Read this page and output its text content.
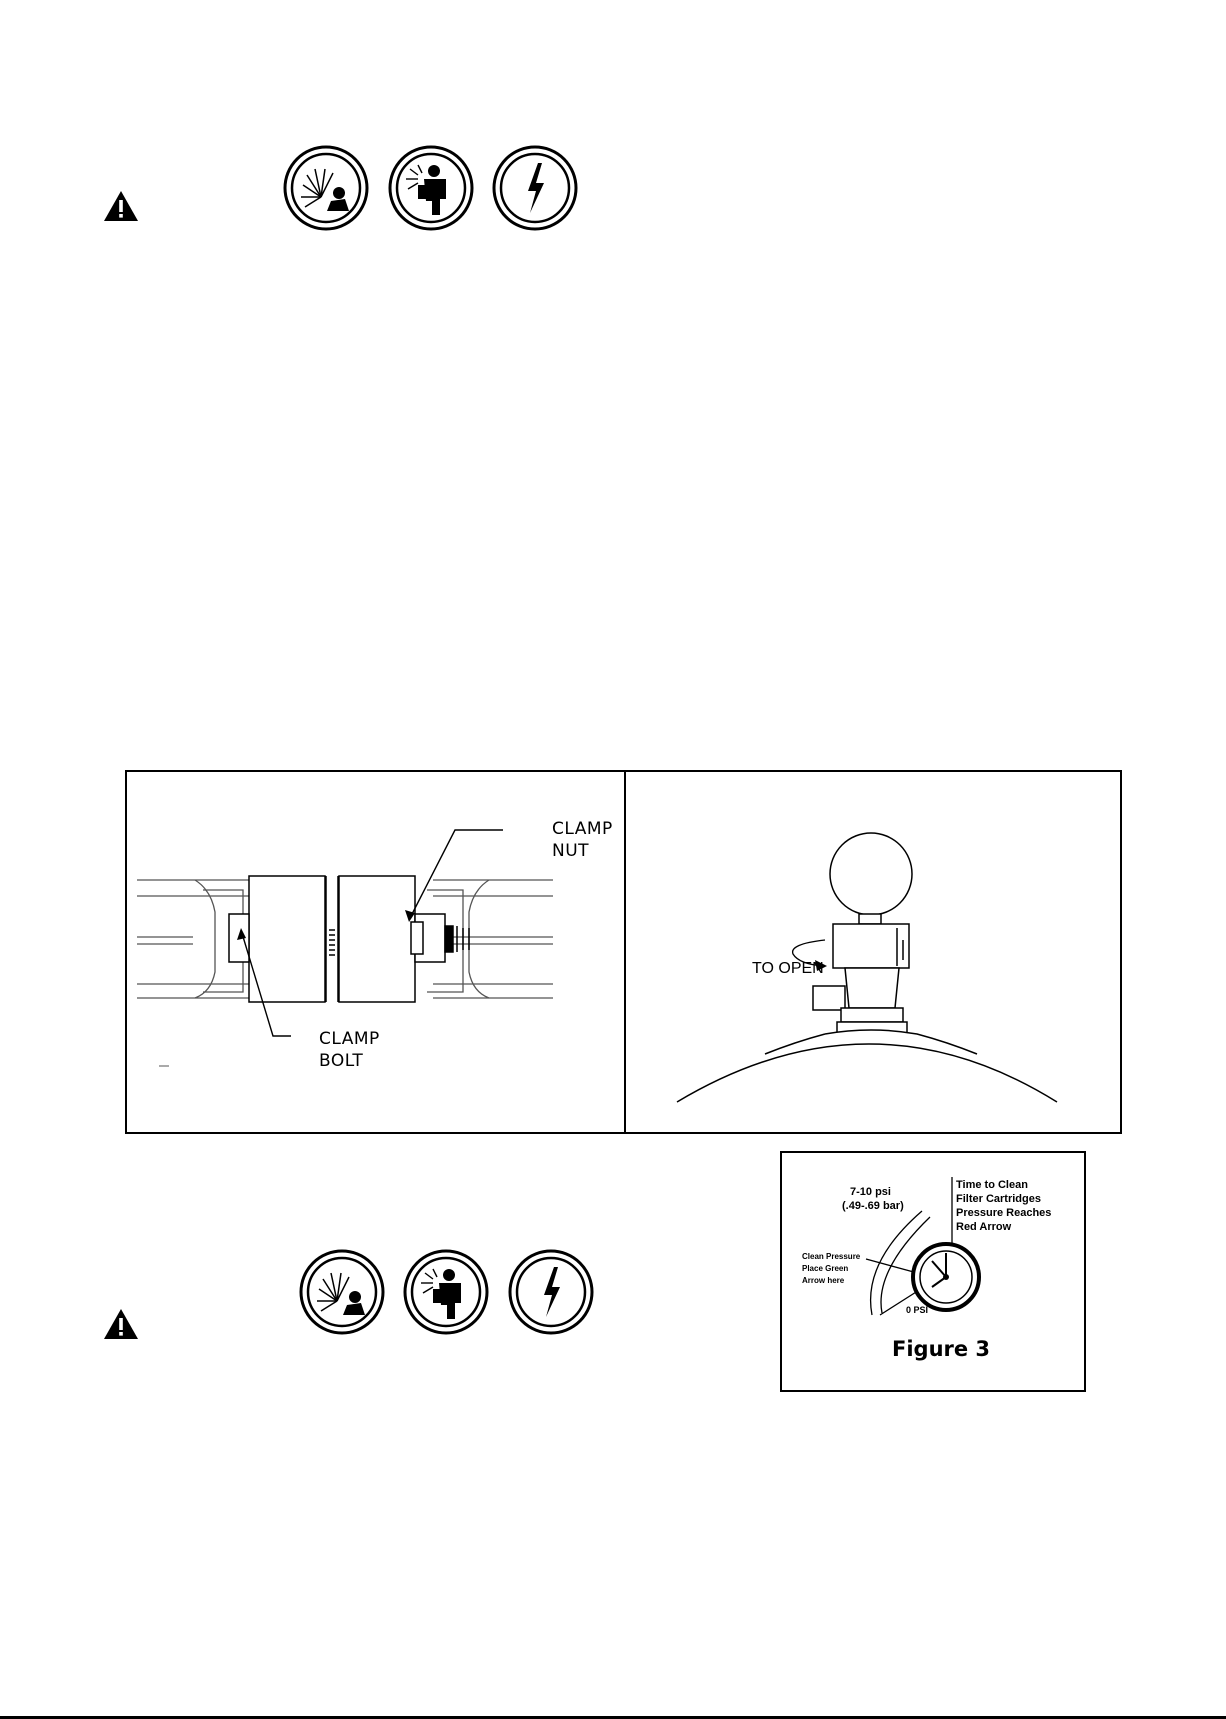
CLAMP
NUT
CLAMP
BOLT
TO OPEN
7-10 psi
(.49-.69 bar)
Time to Clean
Filter Cartridges
Pressure Reaches
Red Arrow
Clean Pressure
Place Green
Arrow here
0 PSI
Figure 3
